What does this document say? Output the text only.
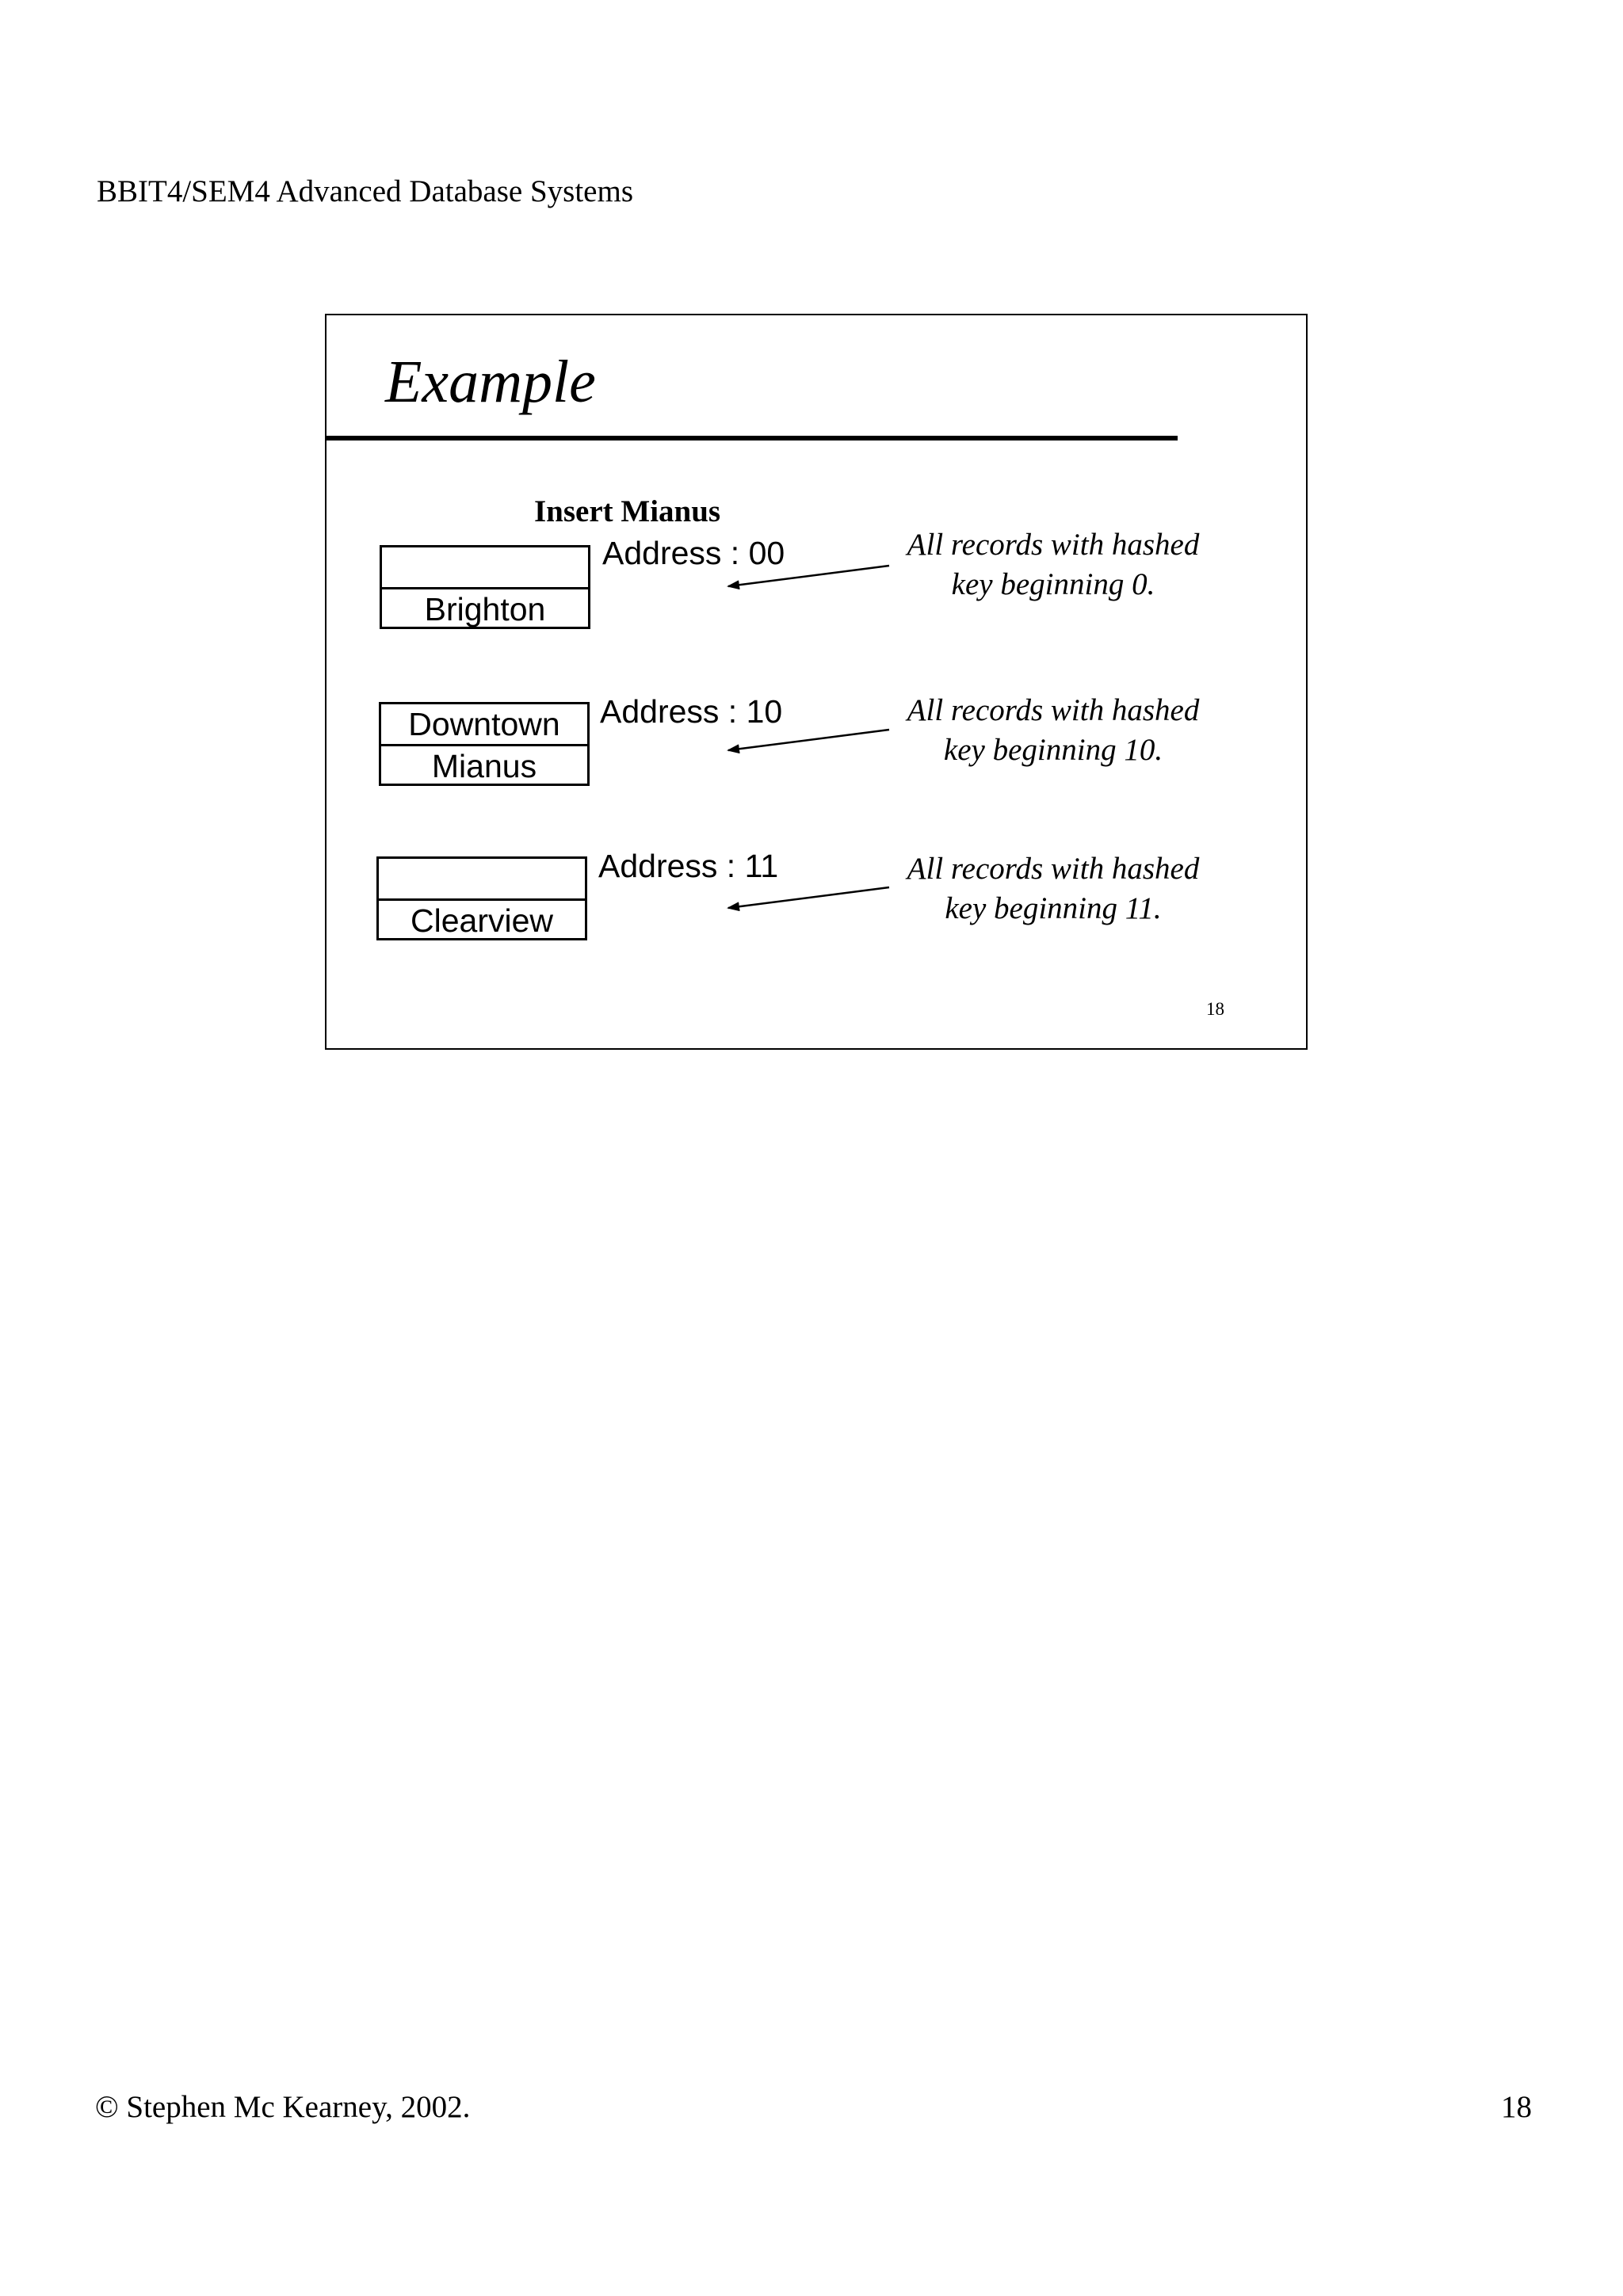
BBIT4/SEM4 Advanced Database Systems
Example
Insert Mianus
Brighton
Address : 00	All records with hashed
key beginning 0.
Downtown
Mianus
Address : 10	All records with hashed
key beginning 10.
Clearview
Address : 11	All records with hashed
key beginning 11.
18
© Stephen Mc Kearney, 2002.	18
